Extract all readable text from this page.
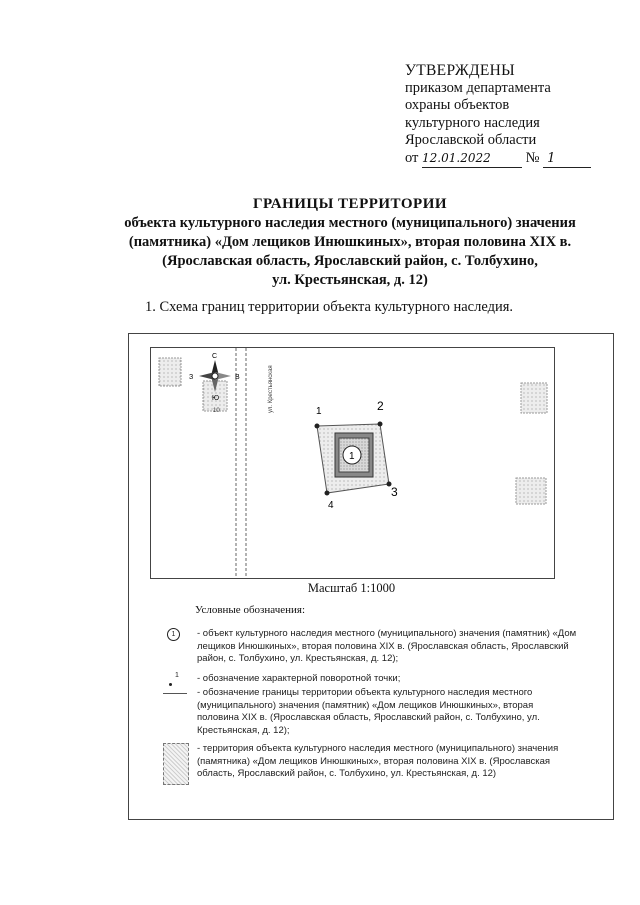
УТВЕРЖДЕНЫ
приказом департамента
охраны объектов
культурного наследия
Ярославской области
от 12.01.2022 № 1
ГРАНИЦЫ ТЕРРИТОРИИ
объекта культурного наследия местного (муниципального) значения
(памятника) «Дом лещиков Инюшкиных», вторая половина XIX в.
(Ярославская область, Ярославский район, с. Толбухино,
ул. Крестьянская, д. 12)
1. Схема границ территории объекта культурного наследия.
С
Ю
З	В
10	ул. Крестьянская
1
1	2
3
4
Масштаб 1:1000
Условные обозначения:
1	- объект культурного наследия местного (муниципального) значения (памятник) «Дом лещиков Инюшкиных», вторая половина XIX в. (Ярославская область, Ярославский район, с. Толбухино, ул. Крестьянская, д. 12);
1	- обозначение характерной поворотной точки;
- обозначение границы территории объекта культурного наследия местного (муниципального) значения (памятник) «Дом лещиков Инюшкиных», вторая половина XIX в. (Ярославская область, Ярославский район, с. Толбухино, ул. Крестьянская, д. 12);
- территория объекта культурного наследия местного (муниципального) значения (памятника) «Дом лещиков Инюшкиных», вторая половина XIX в. (Ярославская область, Ярославский район, с. Толбухино, ул. Крестьянская, д. 12)
